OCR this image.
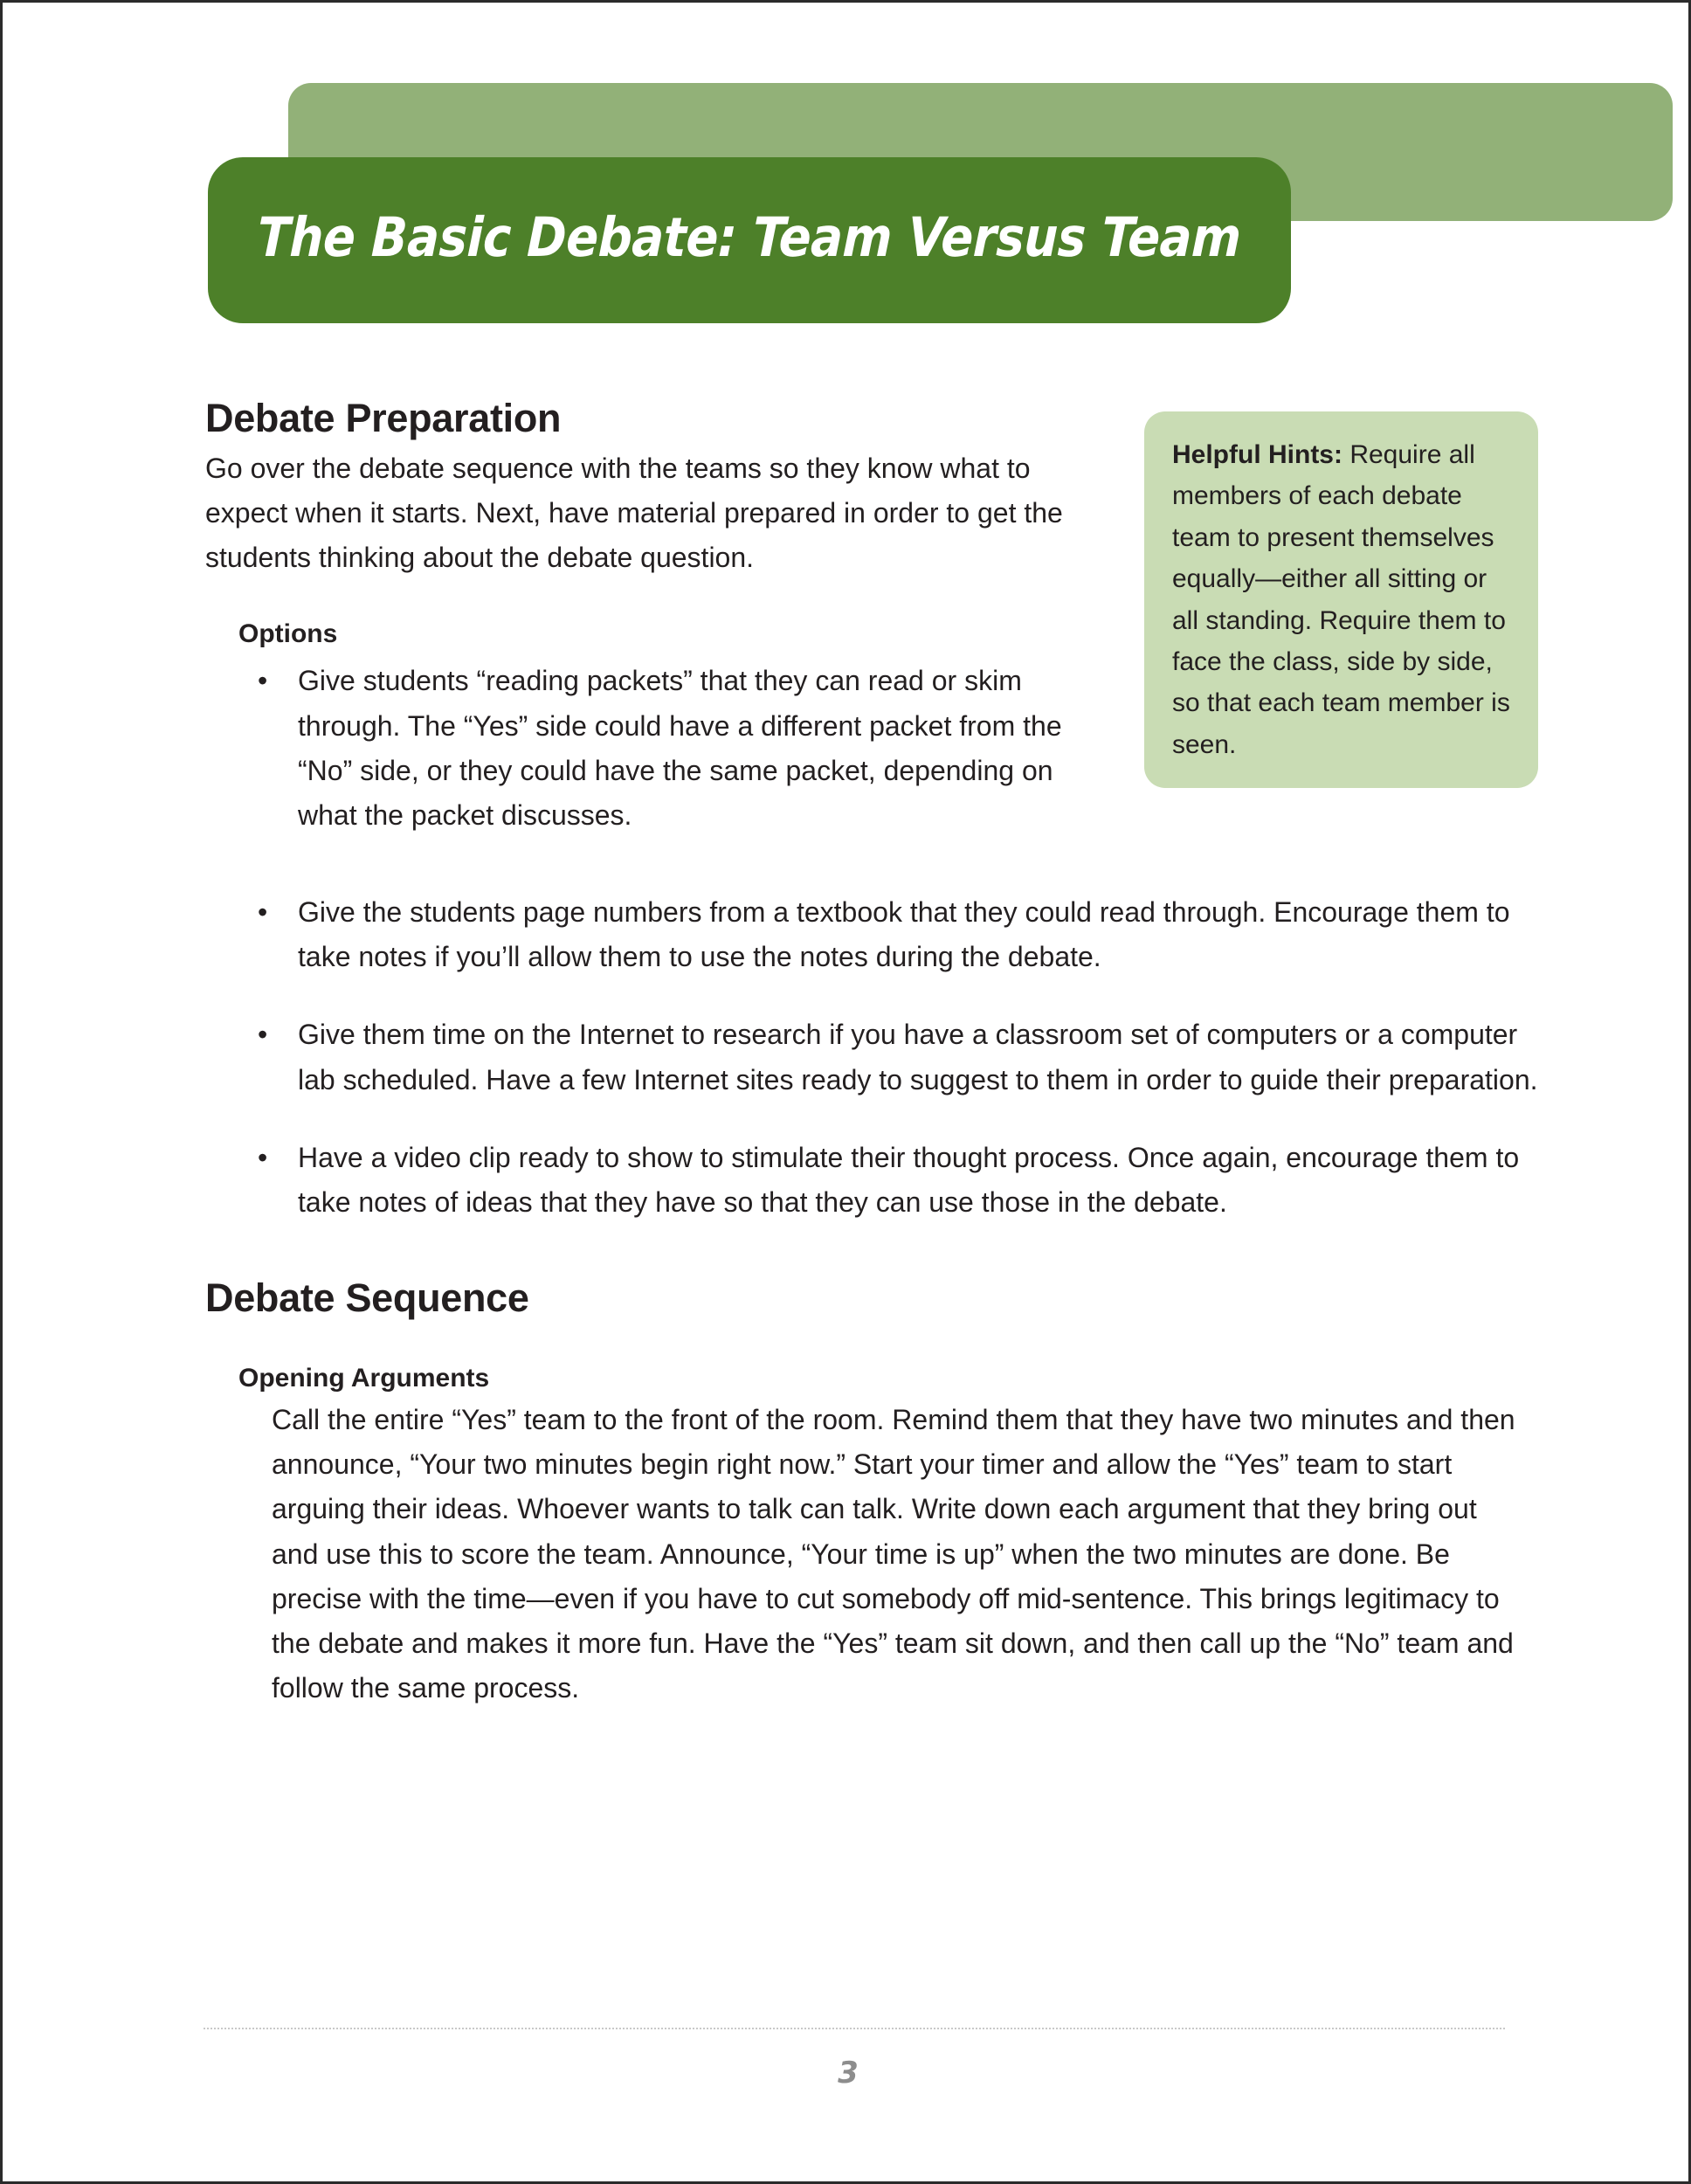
The Basic Debate: Team Versus Team

Helpful Hints: Require all members of each debate team to present themselves equally—either all sitting or all standing. Require them to face the class, side by side, so that each team member is seen.

Debate Preparation

Go over the debate sequence with the teams so they know what to expect when it starts. Next, have material prepared in order to get the students thinking about the debate question.

Options
• Give students “reading packets” that they can read or skim through. The “Yes” side could have a different packet from the “No” side, or they could have the same packet, depending on what the packet discusses.
• Give the students page numbers from a textbook that they could read through. Encourage them to take notes if you’ll allow them to use the notes during the debate.
• Give them time on the Internet to research if you have a classroom set of computers or a computer lab scheduled. Have a few Internet sites ready to suggest to them in order to guide their preparation.
• Have a video clip ready to show to stimulate their thought process. Once again, encourage them to take notes of ideas that they have so that they can use those in the debate.
Debate Sequence
Opening Arguments

Call the entire “Yes” team to the front of the room. Remind them that they have two minutes and then announce, “Your two minutes begin right now.” Start your timer and allow the “Yes” team to start arguing their ideas. Whoever wants to talk can talk. Write down each argument that they bring out and use this to score the team. Announce, “Your time is up” when the two minutes are done. Be precise with the time—even if you have to cut somebody off mid-sentence. This brings legitimacy to the debate and makes it more fun. Have the “Yes” team sit down, and then call up the “No” team and follow the same process.

3
